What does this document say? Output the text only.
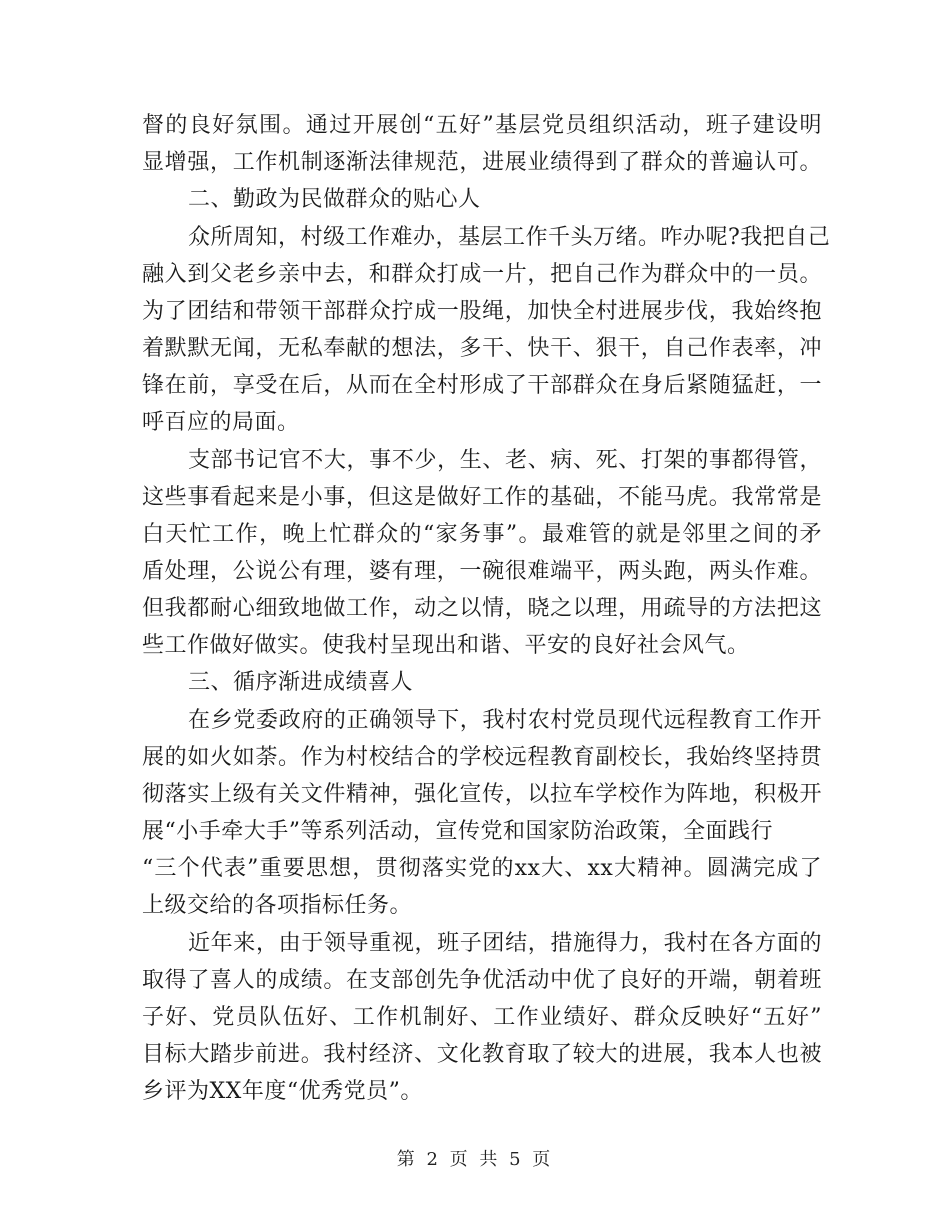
督的良好氛围。通过开展创“五好”基层党员组织活动，班子建设明
显增强，工作机制逐渐法律规范，进展业绩得到了群众的普遍认可。
二、勤政为民做群众的贴心人
众所周知，村级工作难办，基层工作千头万绪。咋办呢?我把自己
融入到父老乡亲中去，和群众打成一片，把自己作为群众中的一员。
为了团结和带领干部群众拧成一股绳，加快全村进展步伐，我始终抱
着默默无闻，无私奉献的想法，多干、快干、狠干，自己作表率，冲
锋在前，享受在后，从而在全村形成了干部群众在身后紧随猛赶，一
呼百应的局面。
支部书记官不大，事不少，生、老、病、死、打架的事都得管，
这些事看起来是小事，但这是做好工作的基础，不能马虎。我常常是
白天忙工作，晚上忙群众的“家务事”。最难管的就是邻里之间的矛
盾处理，公说公有理，婆有理，一碗很难端平，两头跑，两头作难。
但我都耐心细致地做工作，动之以情，晓之以理，用疏导的方法把这
些工作做好做实。使我村呈现出和谐、平安的良好社会风气。
三、循序渐进成绩喜人
在乡党委政府的正确领导下，我村农村党员现代远程教育工作开
展的如火如荼。作为村校结合的学校远程教育副校长，我始终坚持贯
彻落实上级有关文件精神，强化宣传，以拉车学校作为阵地，积极开
展“小手牵大手”等系列活动，宣传党和国家防治政策，全面践行
“三个代表”重要思想，贯彻落实党的xx大、xx大精神。圆满完成了
上级交给的各项指标任务。
近年来，由于领导重视，班子团结，措施得力，我村在各方面的
取得了喜人的成绩。在支部创先争优活动中优了良好的开端，朝着班
子好、党员队伍好、工作机制好、工作业绩好、群众反映好“五好”
目标大踏步前进。我村经济、文化教育取了较大的进展，我本人也被
乡评为XX年度“优秀党员”。
第 2 页 共 5 页
